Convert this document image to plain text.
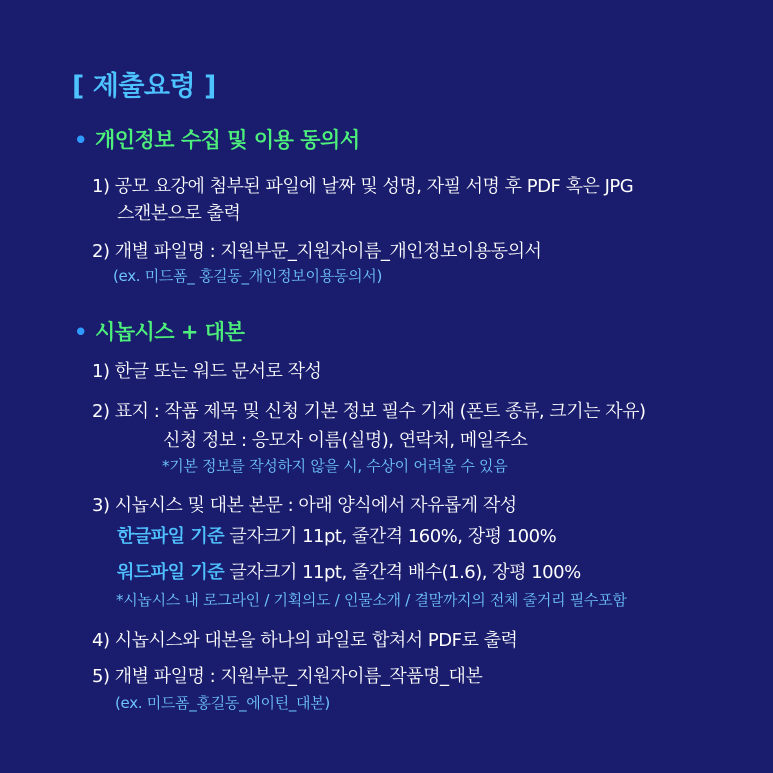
[ 제출요령 ]
• 개인정보 수집 및 이용 동의서
1) 공모 요강에 첨부된 파일에 날짜 및 성명, 자필 서명 후 PDF 혹은 JPG
스캔본으로 출력
2) 개별 파일명 : 지원부문_지원자이름_개인정보이용동의서
(ex. 미드폼_ 홍길동_개인정보이용동의서)
• 시놉시스 + 대본
1) 한글 또는 워드 문서로 작성
2) 표지 : 작품 제목 및 신청 기본 정보 필수 기재 (폰트 종류, 크기는 자유)
신청 정보 : 응모자 이름(실명), 연락처, 메일주소
*기본 정보를 작성하지 않을 시, 수상이 어려울 수 있음
3) 시놉시스 및 대본 본문 : 아래 양식에서 자유롭게 작성
한글파일 기준 글자크기 11pt, 줄간격 160%, 장평 100%
워드파일 기준 글자크기 11pt, 줄간격 배수(1.6), 장평 100%
*시놉시스 내 로그라인 / 기획의도 / 인물소개 / 결말까지의 전체 줄거리 필수포함
4) 시놉시스와 대본을 하나의 파일로 합쳐서 PDF로 출력
5) 개별 파일명 : 지원부문_지원자이름_작품명_대본
(ex. 미드폼_홍길동_에이틴_대본)
